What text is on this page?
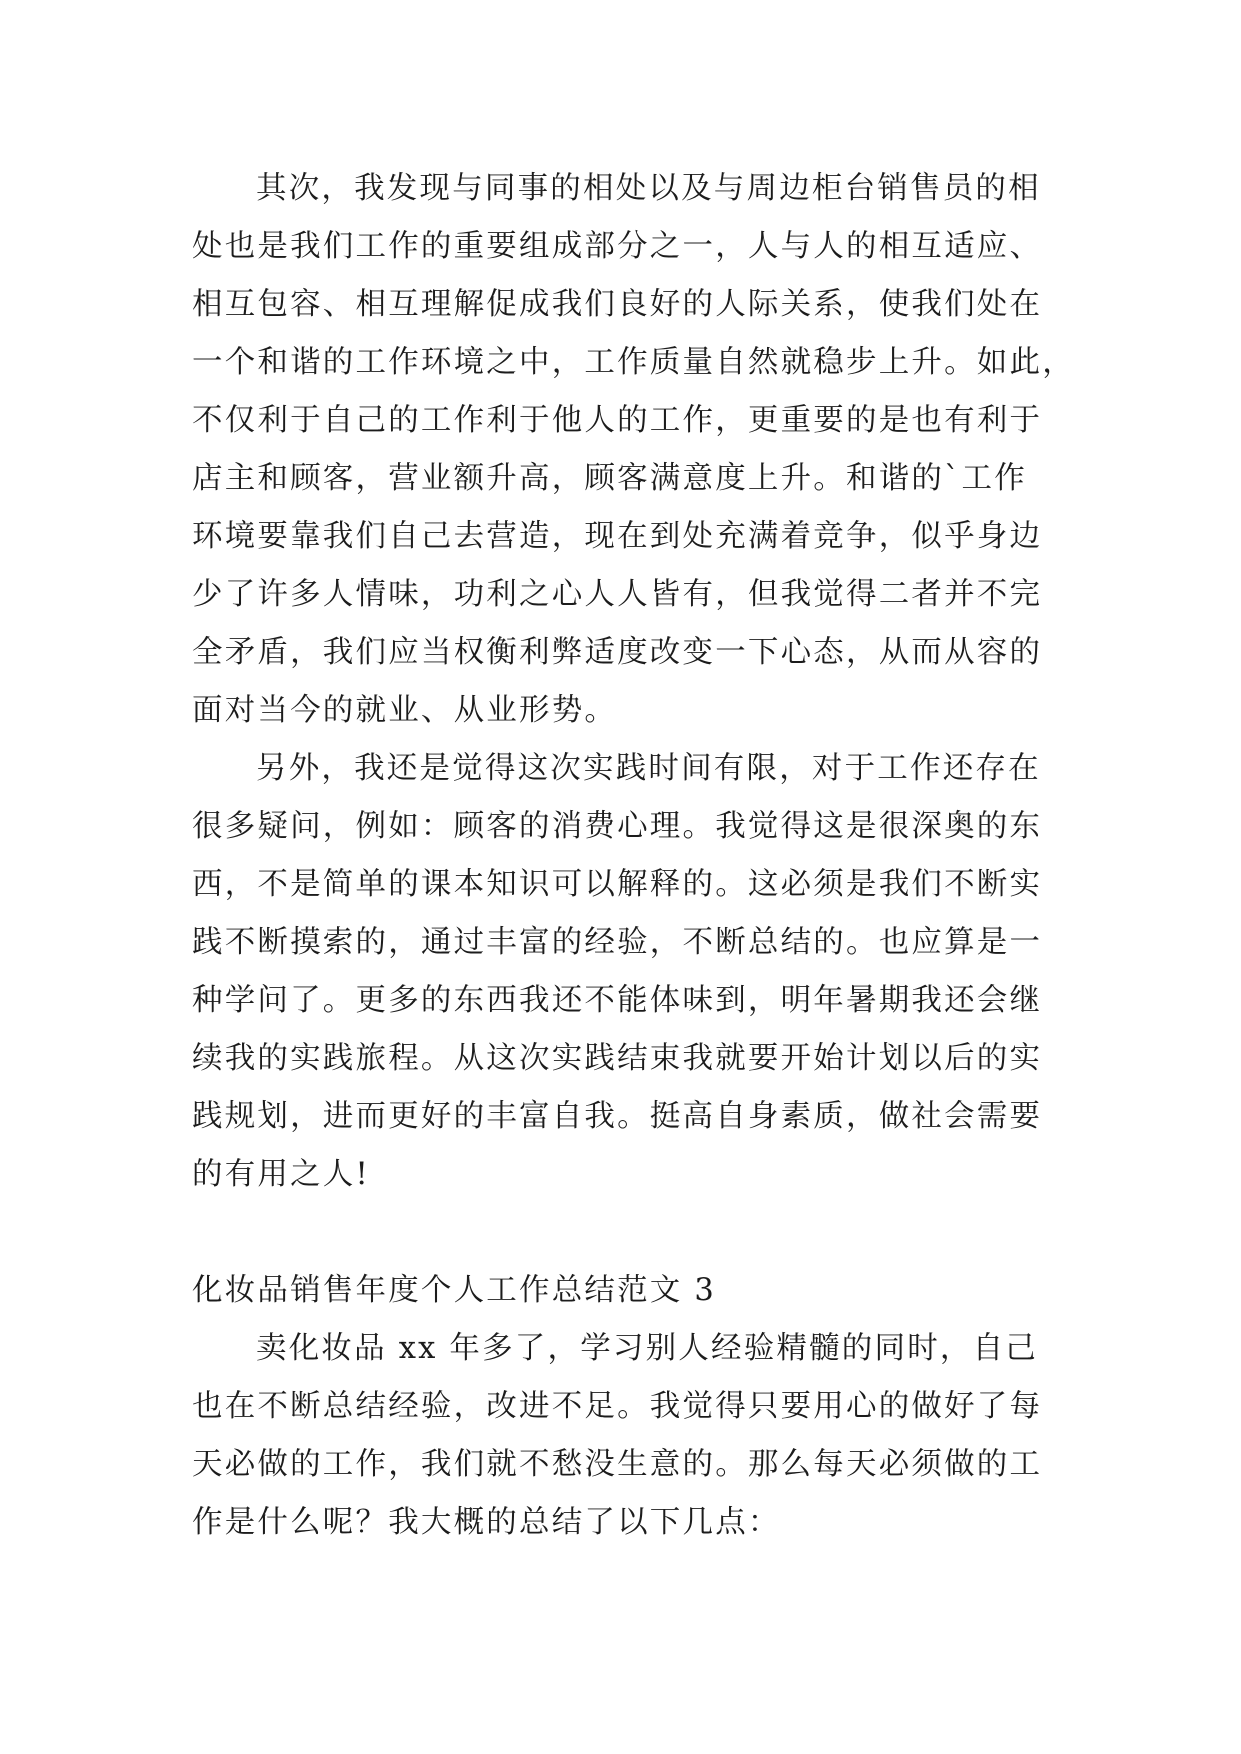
其次，我发现与同事的相处以及与周边柜台销售员的相
处也是我们工作的重要组成部分之一，人与人的相互适应、
相互包容、相互理解促成我们良好的人际关系，使我们处在
一个和谐的工作环境之中，工作质量自然就稳步上升。如此，
不仅利于自己的工作利于他人的工作，更重要的是也有利于
店主和顾客，营业额升高，顾客满意度上升。和谐的`工作
环境要靠我们自己去营造，现在到处充满着竞争，似乎身边
少了许多人情味，功利之心人人皆有，但我觉得二者并不完
全矛盾，我们应当权衡利弊适度改变一下心态，从而从容的
面对当今的就业、从业形势。
另外，我还是觉得这次实践时间有限，对于工作还存在
很多疑问，例如：顾客的消费心理。我觉得这是很深奥的东
西，不是简单的课本知识可以解释的。这必须是我们不断实
践不断摸索的，通过丰富的经验，不断总结的。也应算是一
种学问了。更多的东西我还不能体味到，明年暑期我还会继
续我的实践旅程。从这次实践结束我就要开始计划以后的实
践规划，进而更好的丰富自我。挺高自身素质，做社会需要
的有用之人!
化妆品销售年度个人工作总结范文 3
卖化妆品 xx 年多了，学习别人经验精髓的同时，自己
也在不断总结经验，改进不足。我觉得只要用心的做好了每
天必做的工作，我们就不愁没生意的。那么每天必须做的工
作是什么呢？我大概的总结了以下几点：
